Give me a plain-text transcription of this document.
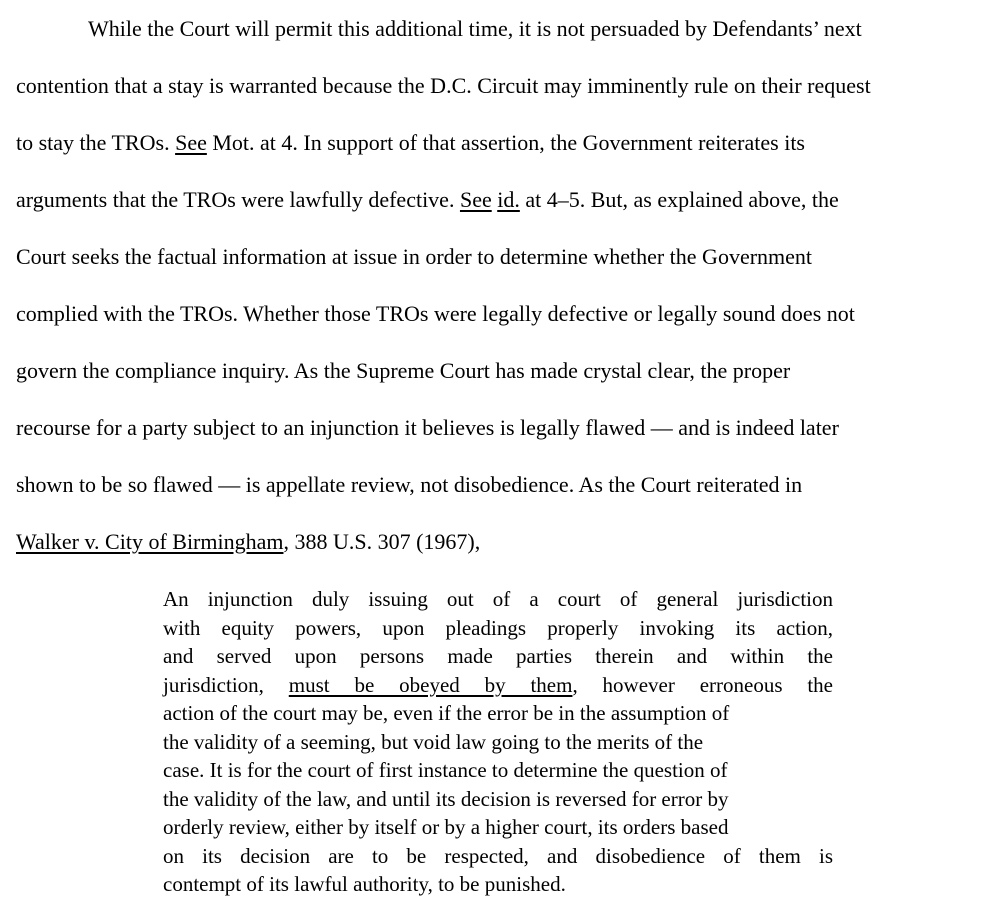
While the Court will permit this additional time, it is not persuaded by Defendants’ next
contention that a stay is warranted because the D.C. Circuit may imminently rule on their request
to stay the TROs. See Mot. at 4. In support of that assertion, the Government reiterates its
arguments that the TROs were lawfully defective. See id. at 4–5. But, as explained above, the
Court seeks the factual information at issue in order to determine whether the Government
complied with the TROs. Whether those TROs were legally defective or legally sound does not
govern the compliance inquiry. As the Supreme Court has made crystal clear, the proper
recourse for a party subject to an injunction it believes is legally flawed — and is indeed later
shown to be so flawed — is appellate review, not disobedience. As the Court reiterated in
Walker v. City of Birmingham, 388 U.S. 307 (1967),
An injunction duly issuing out of a court of general jurisdiction
with equity powers, upon pleadings properly invoking its action,
and served upon persons made parties therein and within the
jurisdiction, must be obeyed by them, however erroneous the
action of the court may be, even if the error be in the assumption of
the validity of a seeming, but void law going to the merits of the
case. It is for the court of first instance to determine the question of
the validity of the law, and until its decision is reversed for error by
orderly review, either by itself or by a higher court, its orders based
on its decision are to be respected, and disobedience of them is
contempt of its lawful authority, to be punished.
